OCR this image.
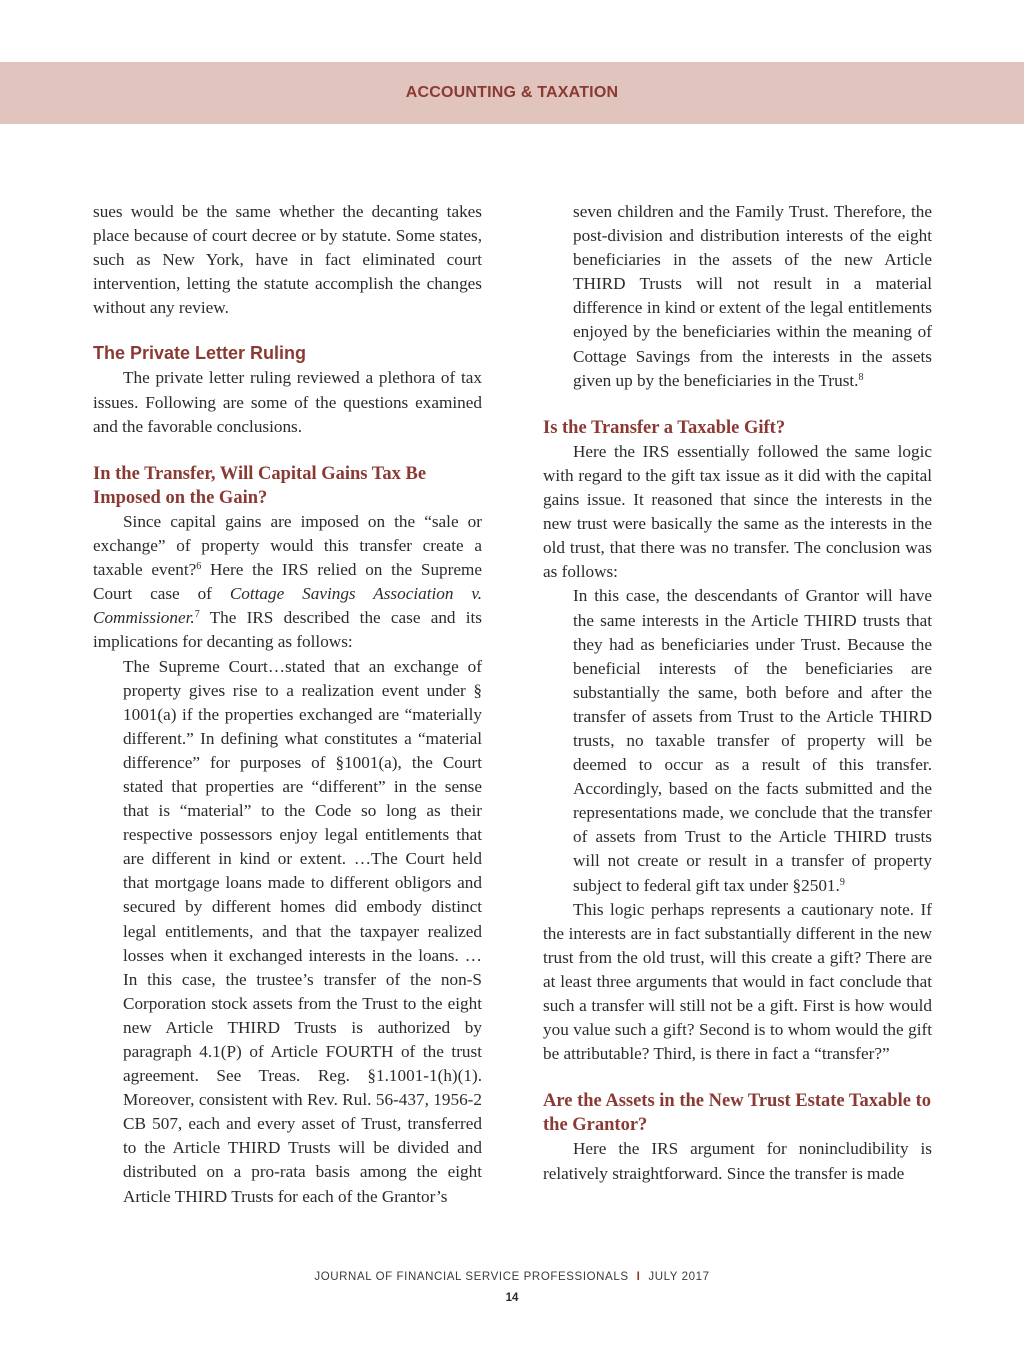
ACCOUNTING & TAXATION

sues would be the same whether the decanting takes place because of court decree or by statute. Some states, such as New York, have in fact eliminated court intervention, letting the statute accomplish the changes without any review.

The Private Letter Ruling

The private letter ruling reviewed a plethora of tax issues. Following are some of the questions examined and the favorable conclusions.

In the Transfer, Will Capital Gains Tax Be Imposed on the Gain?

Since capital gains are imposed on the “sale or exchange” of property would this transfer create a taxable event?$^6$ Here the IRS relied on the Supreme Court case of Cottage Savings Association v. Commissioner.$^7$ The IRS described the case and its implications for decanting as follows:

The Supreme Court…stated that an exchange of property gives rise to a realization event under § 1001(a) if the properties exchanged are “materially different.” In defining what constitutes a “material difference” for purposes of §1001(a), the Court stated that properties are “different” in the sense that is “material” to the Code so long as their respective possessors enjoy legal entitlements that are different in kind or extent. …The Court held that mortgage loans made to different obligors and secured by different homes did embody distinct legal entitlements, and that the taxpayer realized losses when it exchanged interests in the loans. …In this case, the trustee’s transfer of the non-S Corporation stock assets from the Trust to the eight new Article THIRD Trusts is authorized by paragraph 4.1(P) of Article FOURTH of the trust agreement. See Treas. Reg. §1.1001-1(h)(1). Moreover, consistent with Rev. Rul. 56-437, 1956-2 CB 507, each and every asset of Trust, transferred to the Article THIRD Trusts will be divided and distributed on a pro-rata basis among the eight Article THIRD Trusts for each of the Grantor’s

seven children and the Family Trust. Therefore, the post-division and distribution interests of the eight beneficiaries in the assets of the new Article THIRD Trusts will not result in a material difference in kind or extent of the legal entitlements enjoyed by the beneficiaries within the meaning of Cottage Savings from the interests in the assets given up by the beneficiaries in the Trust.$^8$

Is the Transfer a Taxable Gift?

Here the IRS essentially followed the same logic with regard to the gift tax issue as it did with the capital gains issue. It reasoned that since the interests in the new trust were basically the same as the interests in the old trust, that there was no transfer. The conclusion was as follows:

In this case, the descendants of Grantor will have the same interests in the Article THIRD trusts that they had as beneficiaries under Trust. Because the beneficial interests of the beneficiaries are substantially the same, both before and after the transfer of assets from Trust to the Article THIRD trusts, no taxable transfer of property will be deemed to occur as a result of this transfer. Accordingly, based on the facts submitted and the representations made, we conclude that the transfer of assets from Trust to the Article THIRD trusts will not create or result in a transfer of property subject to federal gift tax under §2501.$^9$

This logic perhaps represents a cautionary note. If the interests are in fact substantially different in the new trust from the old trust, will this create a gift? There are at least three arguments that would in fact conclude that such a transfer will still not be a gift. First is how would you value such a gift? Second is to whom would the gift be attributable? Third, is there in fact a “transfer?”

Are the Assets in the New Trust Estate Taxable to the Grantor?

Here the IRS argument for nonincludibility is relatively straightforward. Since the transfer is made

JOURNAL OF FINANCIAL SERVICE PROFESSIONALS I JULY 2017
14
